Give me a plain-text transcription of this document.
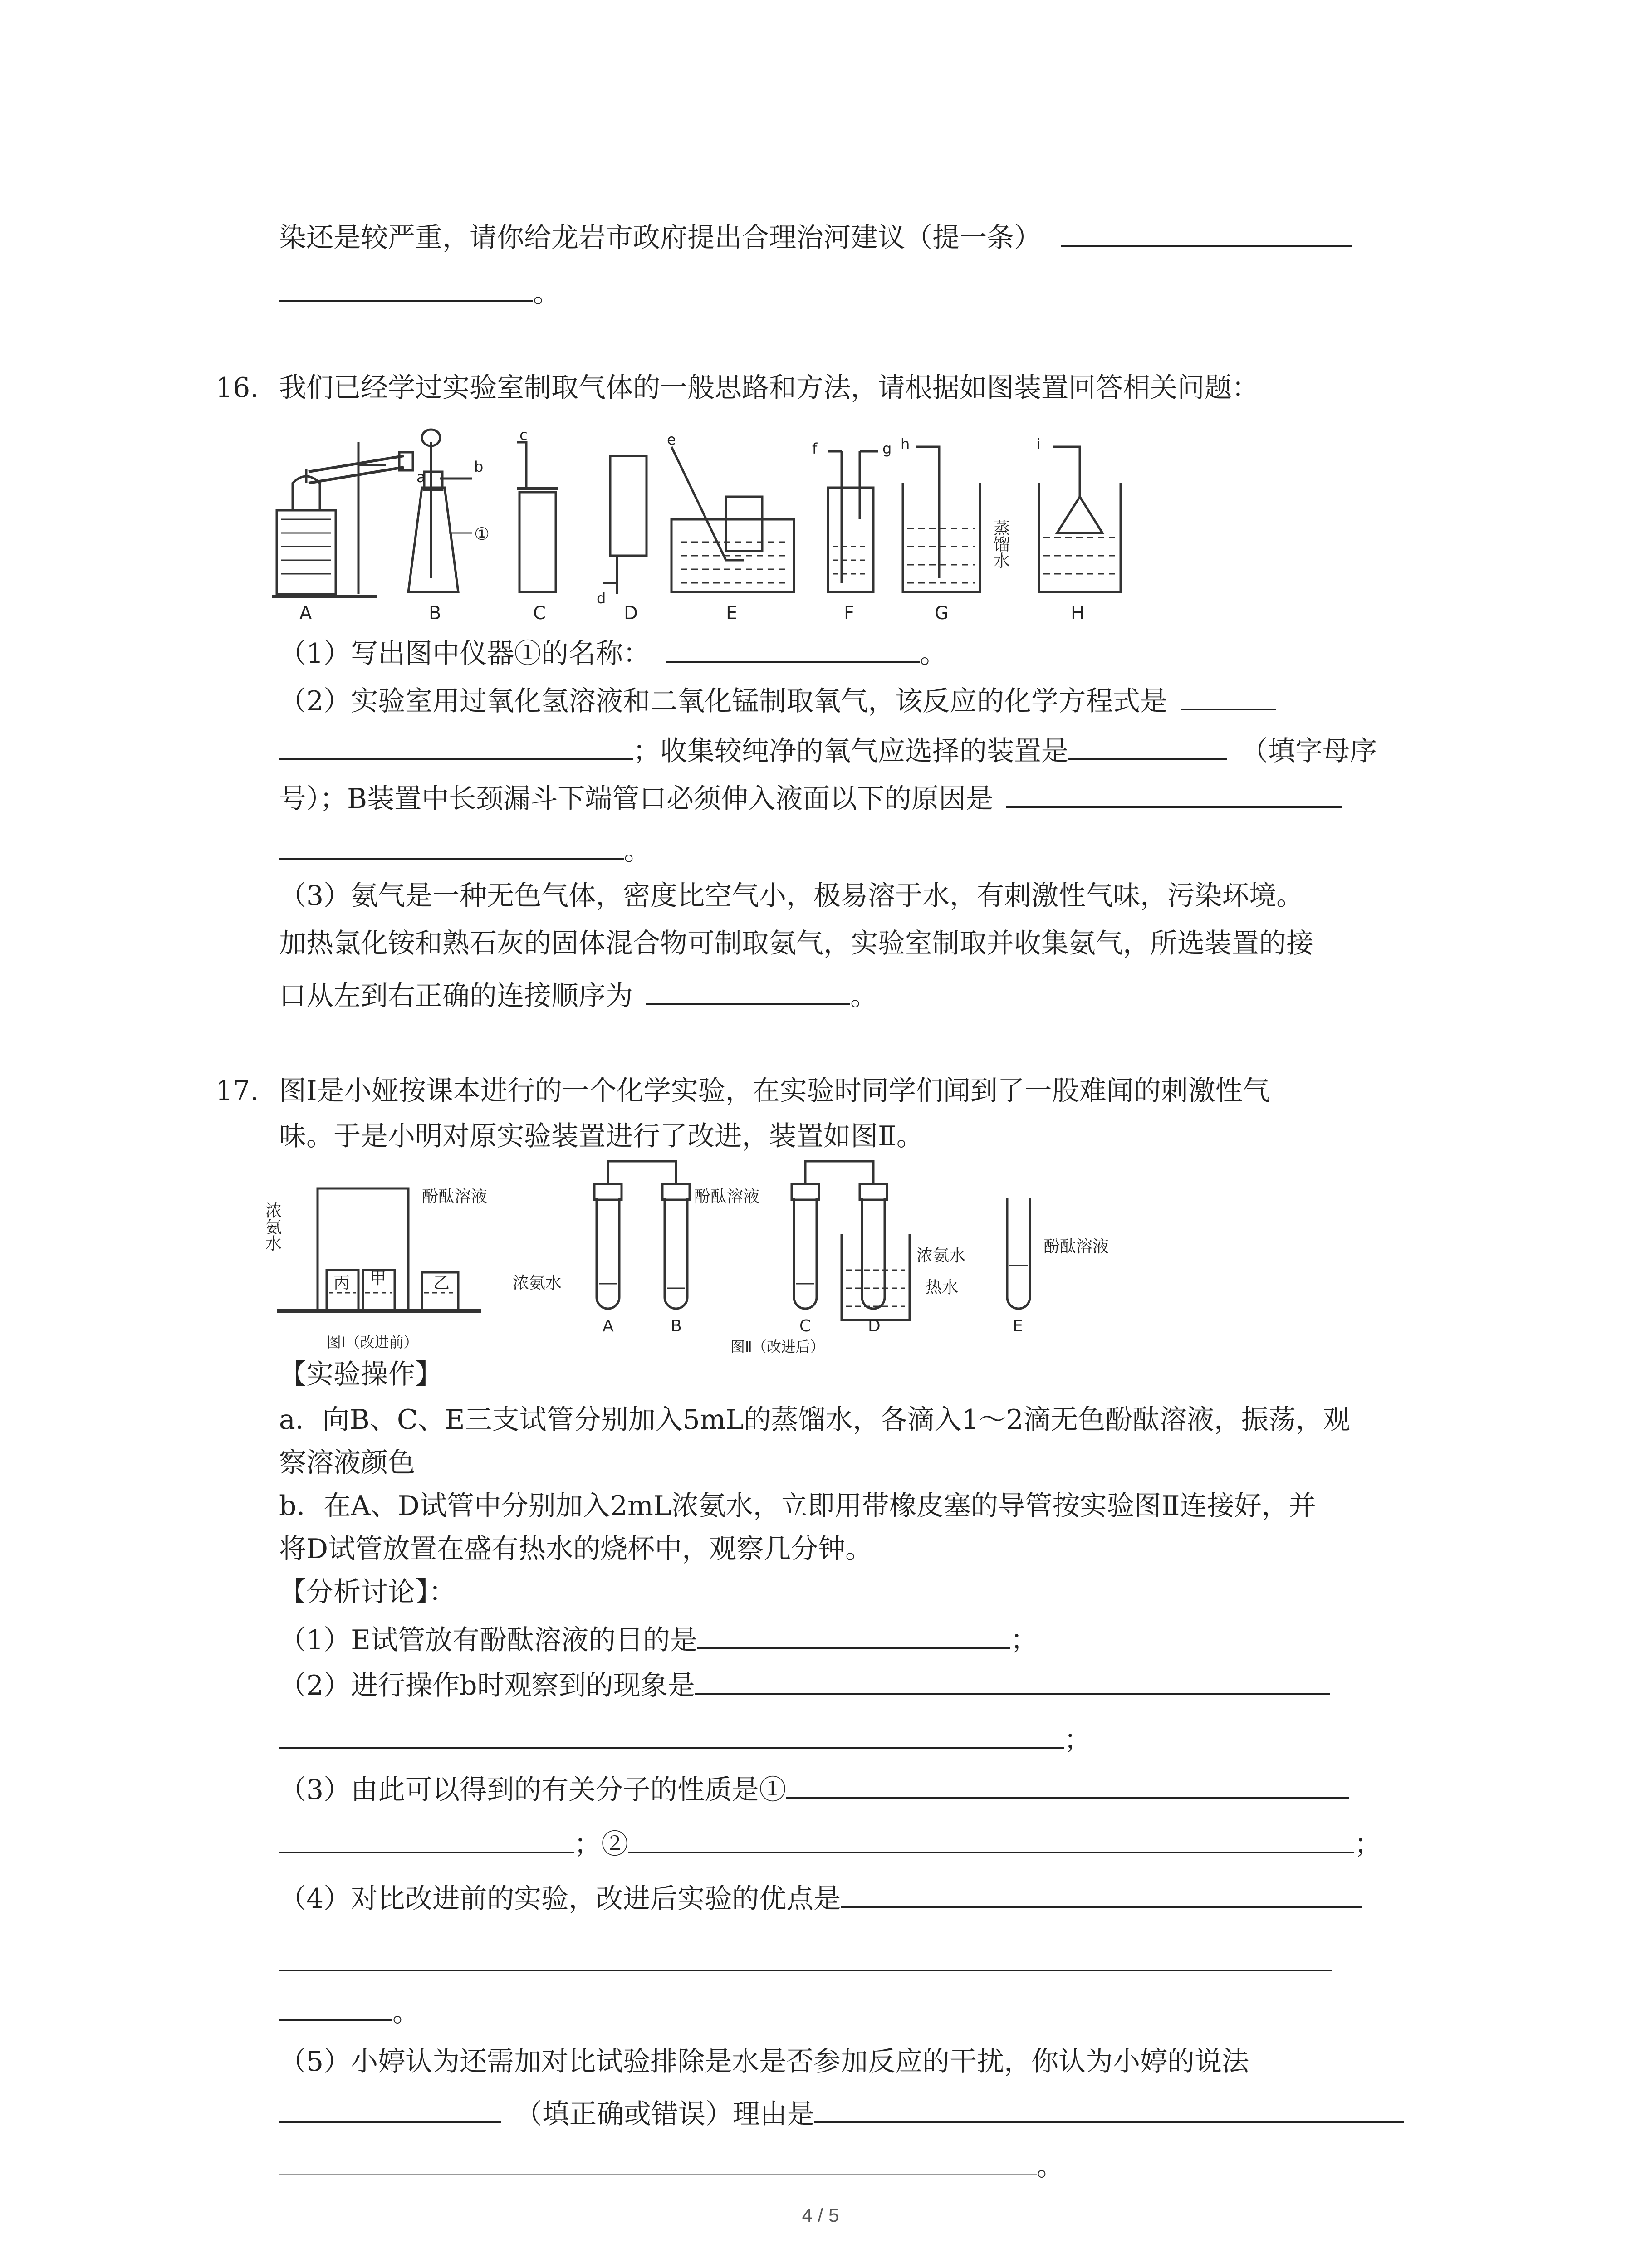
染还是较严重，请你给龙岩市政府提出合理治河建议（提一条）
。
16. 我们已经学过实验室制取气体的一般思路和方法，请根据如图装置回答相关问题：
A	B	C	D	E	F	G	H
a
b
c
d
e
f	g h	i
①	蒸馏水
（1）写出图中仪器①的名称：	。
（2）实验室用过氧化氢溶液和二氧化锰制取氧气，该反应的化学方程式是
；收集较纯净的氧气应选择的装置是	（填字母序
号）；B装置中长颈漏斗下端管口必须伸入液面以下的原因是
。
（3）氨气是一种无色气体，密度比空气小，极易溶于水，有刺激性气味，污染环境。
加热氯化铵和熟石灰的固体混合物可制取氨气，实验室制取并收集氨气，所选装置的接
口从左到右正确的连接顺序为	。
17. 图Ⅰ是小娅按课本进行的一个化学实验，在实验时同学们闻到了一股难闻的刺激性气
味。于是小明对原实验装置进行了改进，装置如图Ⅱ。
浓氨水
酚酞溶液
丙 甲	乙
图Ⅰ（改进前）
浓氨水
酚酞溶液
浓氨水
热水
酚酞溶液
A	B	C	D	E
图Ⅱ（改进后）
【实验操作】
a．向B、C、E三支试管分别加入5mL的蒸馏水，各滴入1～2滴无色酚酞溶液，振荡，观
察溶液颜色
b．在A、D试管中分别加入2mL浓氨水，立即用带橡皮塞的导管按实验图Ⅱ连接好，并
将D试管放置在盛有热水的烧杯中，观察几分钟。
【分析讨论】：
（1）E试管放有酚酞溶液的目的是	；
（2）进行操作b时观察到的现象是
；
（3）由此可以得到的有关分子的性质是①
；②	；
（4）对比改进前的实验，改进后实验的优点是
。
（5）小婷认为还需加对比试验排除是水是否参加反应的干扰，你认为小婷的说法
（填正确或错误）理由是
。
4 / 5
